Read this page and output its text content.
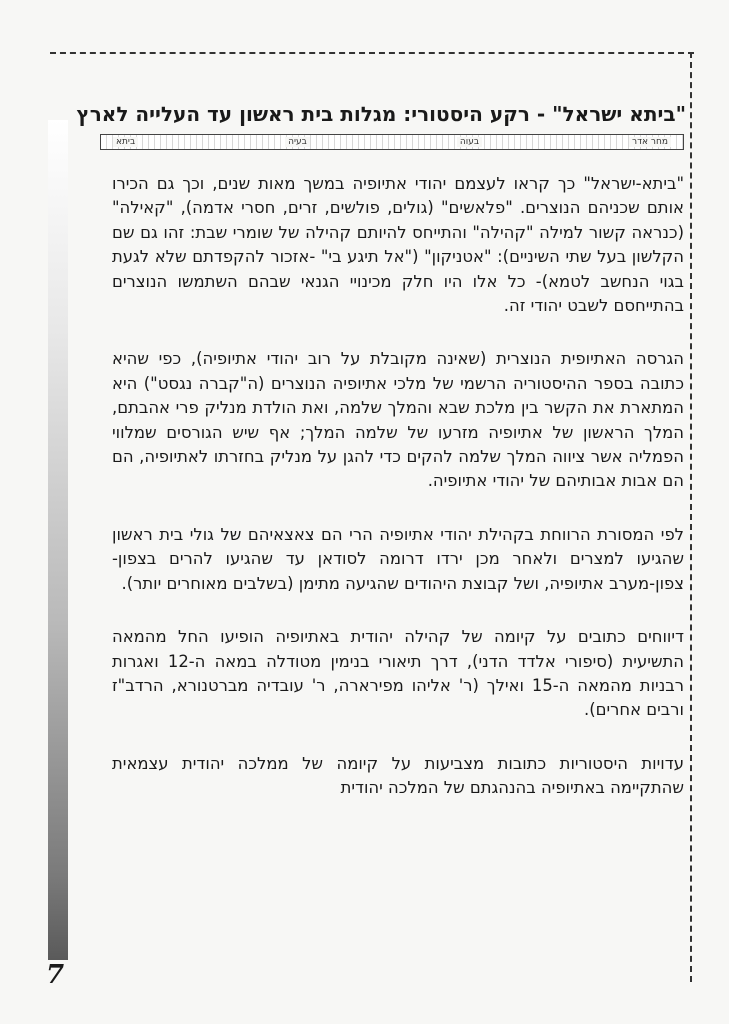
"ביתא ישראל" - רקע היסטורי: מגלות בית ראשון עד העלייה לארץ
מחר אדר
בעוה
בעיה
ביתא

"ביתא-ישראל" כך קראו לעצמם יהודי אתיופיה במשך מאות שנים, וכך גם הכירו אותם שכניהם הנוצרים. "פלאשים" (גולים, פולשים, זרים, חסרי אדמה), "קאילה" (כנראה קשור למילה "קהילה" והתייחס להיותם קהילה של שומרי שבת: זהו גם שם הקלשון בעל שתי השיניים): "אטניקון" ("אל תיגע בי" -אזכור להקפדתם שלא לגעת בגוי הנחשב לטמא)- כל אלו היו חלק מכינויי הגנאי שבהם השתמשו הנוצרים בהתייחסם לשבט יהודי זה.

הגרסה האתיופית הנוצרית (שאינה מקובלת על רוב יהודי אתיופיה), כפי שהיא כתובה בספר ההיסטוריה הרשמי של מלכי אתיופיה הנוצרים (ה"קברה נגסט") היא המתארת את הקשר בין מלכת שבא והמלך שלמה, ואת הולדת מנליק פרי אהבתם, המלך הראשון של אתיופיה מזרעו של שלמה המלך; אף שיש הגורסים שמלווי הפמליה אשר ציווה המלך שלמה להקים כדי להגן על מנליק בחזרתו לאתיופיה, הם הם אבות אבותיהם של יהודי אתיופיה.

לפי המסורת הרווחת בקהילת יהודי אתיופיה הרי הם צאצאיהם של גולי בית ראשון שהגיעו למצרים ולאחר מכן ירדו דרומה לסודאן עד שהגיעו להרים בצפון- צפון-מערב אתיופיה, ושל קבוצת היהודים שהגיעה מתימן (בשלבים מאוחרים יותר).

דיווחים כתובים על קיומה של קהילה יהודית באתיופיה הופיעו החל מהמאה התשיעית (סיפורי אלדד הדני), דרך תיאורי בנימין מטודלה במאה ה-12 ואגרות רבניות מהמאה ה-15 ואילך (ר' אליהו מפירארה, ר' עובדיה מברטנורא, הרדב"ז ורבים אחרים).

עדויות היסטוריות כתובות מצביעות על קיומה של ממלכה יהודית עצמאית שהתקיימה באתיופיה בהנהגתם של המלכה יהודית

7
